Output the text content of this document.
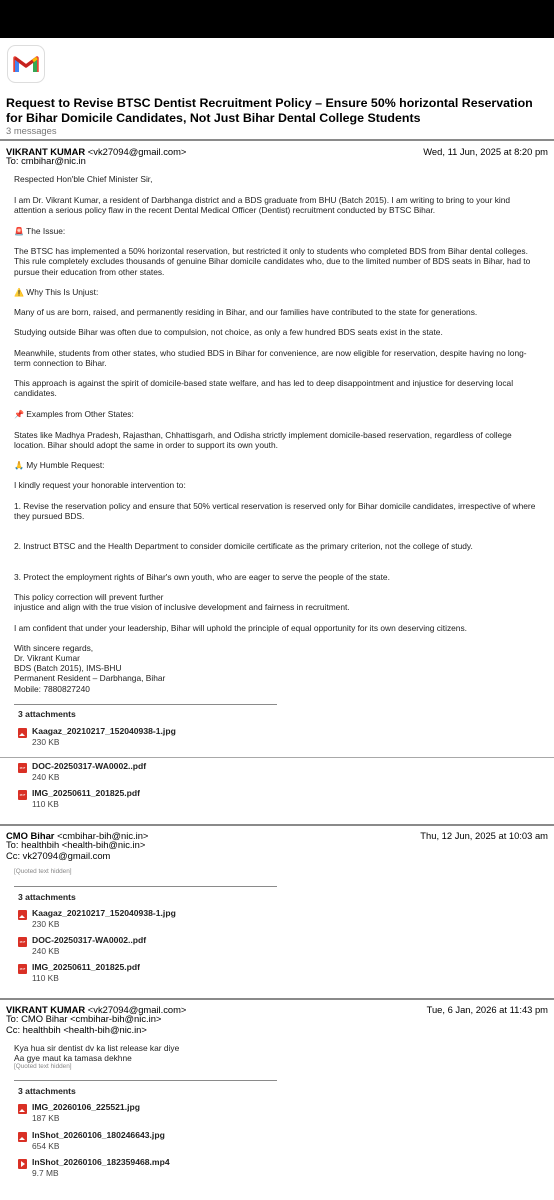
Request to Revise BTSC Dentist Recruitment Policy – Ensure 50% horizontal Reservation for Bihar Domicile Candidates, Not Just Bihar Dental College Students
3 messages
VIKRANT KUMAR <vk27094@gmail.com>	Wed, 11 Jun, 2025 at 8:20 pm
To: cmbihar@nic.in
Respected Hon'ble Chief Minister Sir,
I am Dr. Vikrant Kumar, a resident of Darbhanga district and a BDS graduate from BHU (Batch 2015). I am writing to bring to your kind attention a serious policy flaw in the recent Dental Medical Officer (Dentist) recruitment conducted by BTSC Bihar.
🚨 The Issue:
The BTSC has implemented a 50% horizontal reservation, but restricted it only to students who completed BDS from Bihar dental colleges. This rule completely excludes thousands of genuine Bihar domicile candidates who, due to the limited number of BDS seats in Bihar, had to pursue their education from other states.
⚠️ Why This Is Unjust:
Many of us are born, raised, and permanently residing in Bihar, and our families have contributed to the state for generations.
Studying outside Bihar was often due to compulsion, not choice, as only a few hundred BDS seats exist in the state.
Meanwhile, students from other states, who studied BDS in Bihar for convenience, are now eligible for reservation, despite having no long-term connection to Bihar.
This approach is against the spirit of domicile-based state welfare, and has led to deep disappointment and injustice for deserving local candidates.
📌 Examples from Other States:
States like Madhya Pradesh, Rajasthan, Chhattisgarh, and Odisha strictly implement domicile-based reservation, regardless of college location. Bihar should adopt the same in order to support its own youth.
🙏 My Humble Request:
I kindly request your honorable intervention to:
1. Revise the reservation policy and ensure that 50% vertical reservation is reserved only for Bihar domicile candidates, irrespective of where they pursued BDS.
2. Instruct BTSC and the Health Department to consider domicile certificate as the primary criterion, not the college of study.
3. Protect the employment rights of Bihar's own youth, who are eager to serve the people of the state.
This policy correction will prevent further
injustice and align with the true vision of inclusive development and fairness in recruitment.
I am confident that under your leadership, Bihar will uphold the principle of equal opportunity for its own deserving citizens.
With sincere regards,
Dr. Vikrant Kumar
BDS (Batch 2015), IMS-BHU
Permanent Resident – Darbhanga, Bihar
Mobile: 7880827240
3 attachments
Kaagaz_20210217_152040938-1.jpg
230 KB
PDF
DOC-20250317-WA0002..pdf
240 KB
PDF
IMG_20250611_201825.pdf
110 KB
CMO Bihar <cmbihar-bih@nic.in>	Thu, 12 Jun, 2025 at 10:03 am
To: healthbih <health-bih@nic.in>
Cc: vk27094@gmail.com
[Quoted text hidden]
3 attachments
Kaagaz_20210217_152040938-1.jpg
230 KB
PDF
DOC-20250317-WA0002..pdf
240 KB
PDF
IMG_20250611_201825.pdf
110 KB
VIKRANT KUMAR <vk27094@gmail.com>	Tue, 6 Jan, 2026 at 11:43 pm
To: CMO Bihar <cmbihar-bih@nic.in>
Cc: healthbih <health-bih@nic.in>
Kya hua sir dentist dv ka list release kar diye
Aa gye maut ka tamasa dekhne
[Quoted text hidden]
3 attachments
IMG_20260106_225521.jpg
187 KB
InShot_20260106_180246643.jpg
654 KB
InShot_20260106_182359468.mp4
9.7 MB
